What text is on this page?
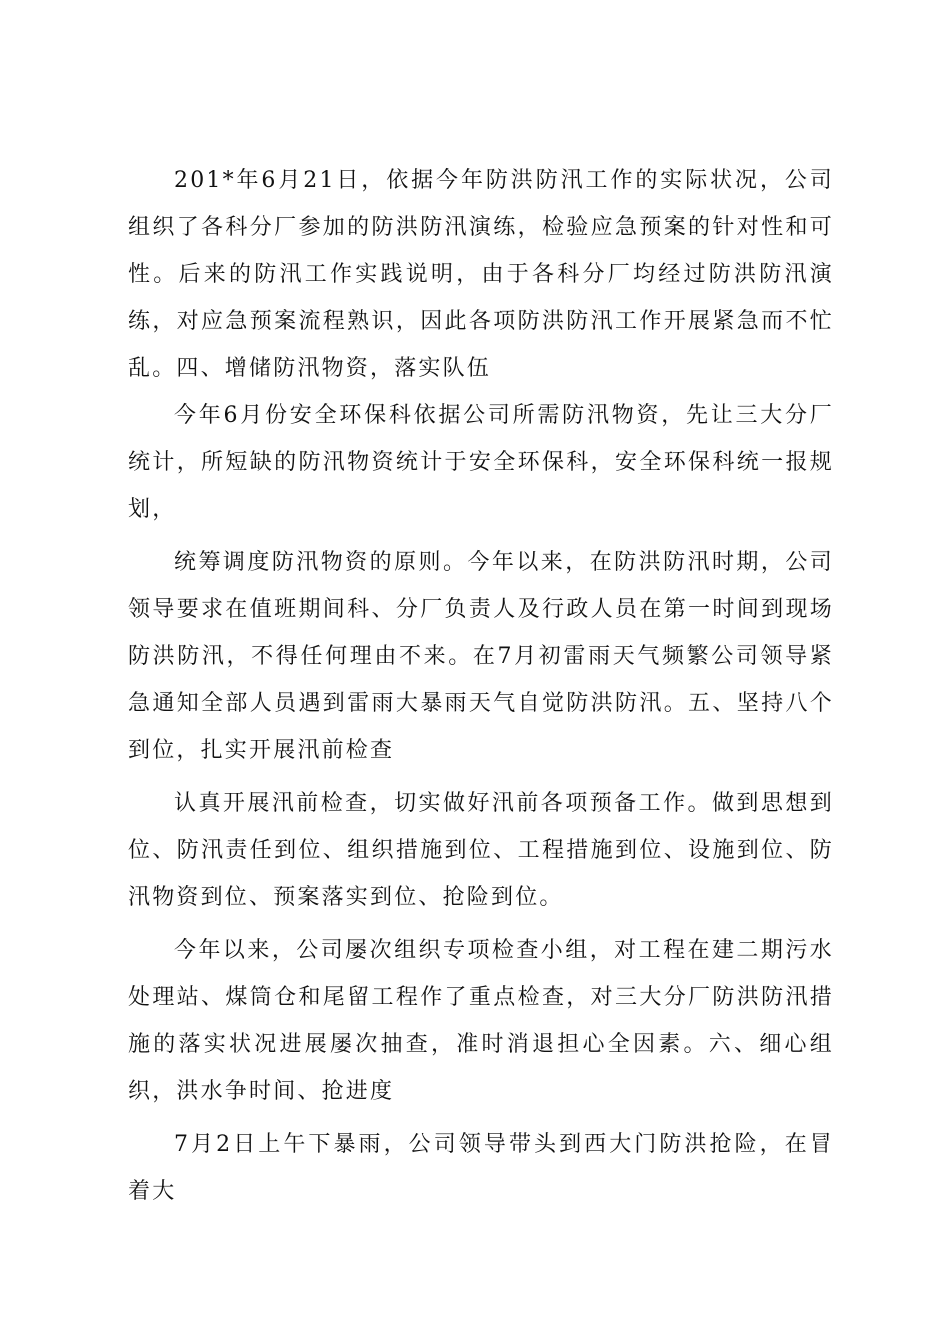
201*年6月21日，依据今年防洪防汛工作的实际状况，公司组织了各科分厂参加的防洪防汛演练，检验应急预案的针对性和可性。后来的防汛工作实践说明，由于各科分厂均经过防洪防汛演练，对应急预案流程熟识，因此各项防洪防汛工作开展紧急而不忙乱。四、增储防汛物资，落实队伍

今年6月份安全环保科依据公司所需防汛物资，先让三大分厂统计，所短缺的防汛物资统计于安全环保科，安全环保科统一报规划，

统筹调度防汛物资的原则。今年以来，在防洪防汛时期，公司领导要求在值班期间科、分厂负责人及行政人员在第一时间到现场防洪防汛，不得任何理由不来。在7月初雷雨天气频繁公司领导紧急通知全部人员遇到雷雨大暴雨天气自觉防洪防汛。五、坚持八个到位，扎实开展汛前检查

认真开展汛前检查，切实做好汛前各项预备工作。做到思想到位、防汛责任到位、组织措施到位、工程措施到位、设施到位、防汛物资到位、预案落实到位、抢险到位。

今年以来，公司屡次组织专项检查小组，对工程在建二期污水处理站、煤筒仓和尾留工程作了重点检查，对三大分厂防洪防汛措施的落实状况进展屡次抽查，准时消退担心全因素。六、细心组织，洪水争时间、抢进度

7月2日上午下暴雨，公司领导带头到西大门防洪抢险，在冒着大
